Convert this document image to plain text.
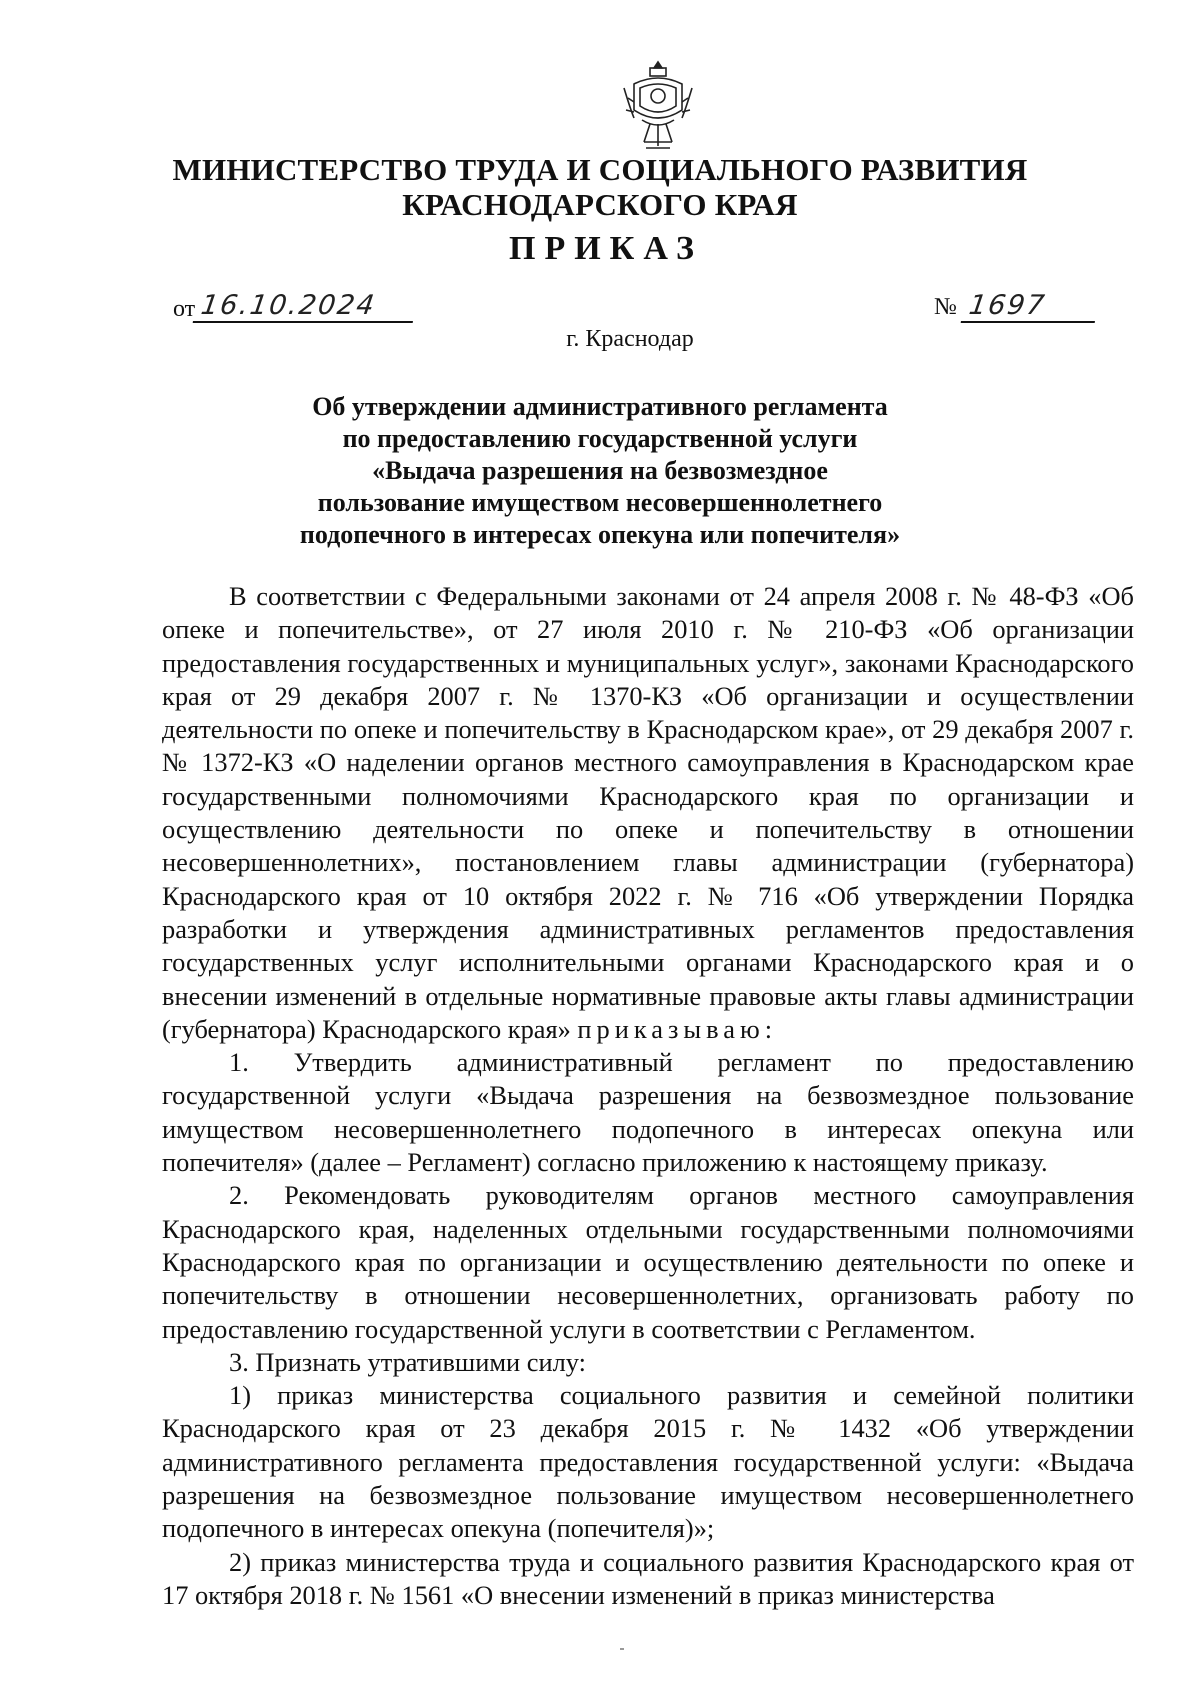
МИНИСТЕРСТВО ТРУДА И СОЦИАЛЬНОГО РАЗВИТИЯ
КРАСНОДАРСКОГО КРАЯ
ПРИКАЗ
от 16.10.2024	№ 1697
г. Краснодар
Об утверждении административного регламента
по предоставлению государственной услуги
«Выдача разрешения на безвозмездное
пользование имуществом несовершеннолетнего
подопечного в интересах опекуна или попечителя»

В соответствии с Федеральными законами от 24 апреля 2008 г. № 48-ФЗ «Об опеке и попечительстве», от 27 июля 2010 г. № 210-ФЗ «Об организации предоставления государственных и муниципальных услуг», законами Краснодарского края от 29 декабря 2007 г. № 1370-КЗ «Об организации и осуществлении деятельности по опеке и попечительству в Краснодарском крае», от 29 декабря 2007 г. № 1372-КЗ «О наделении органов местного самоуправления в Краснодарском крае государственными полномочиями Краснодарского края по организации и осуществлению деятельности по опеке и попечительству в отношении несовершеннолетних», постановлением главы администрации (губернатора) Краснодарского края от 10 октября 2022 г. № 716 «Об утверждении Порядка разработки и утверждения административных регламентов предоставления государственных услуг исполнительными органами Краснодарского края и о внесении изменений в отдельные нормативные правовые акты главы администрации (губернатора) Краснодарского края» приказываю:

1. Утвердить административный регламент по предоставлению государственной услуги «Выдача разрешения на безвозмездное пользование имуществом несовершеннолетнего подопечного в интересах опекуна или попечителя» (далее – Регламент) согласно приложению к настоящему приказу.

2. Рекомендовать руководителям органов местного самоуправления Краснодарского края, наделенных отдельными государственными полномочиями Краснодарского края по организации и осуществлению деятельности по опеке и попечительству в отношении несовершеннолетних, организовать работу по предоставлению государственной услуги в соответствии с Регламентом.

3. Признать утратившими силу:

1) приказ министерства социального развития и семейной политики Краснодарского края от 23 декабря 2015 г. № 1432 «Об утверждении административного регламента предоставления государственной услуги: «Выдача разрешения на безвозмездное пользование имуществом несовершеннолетнего подопечного в интересах опекуна (попечителя)»;

2) приказ министерства труда и социального развития Краснодарского края от 17 октября 2018 г. № 1561 «О внесении изменений в приказ министерства
